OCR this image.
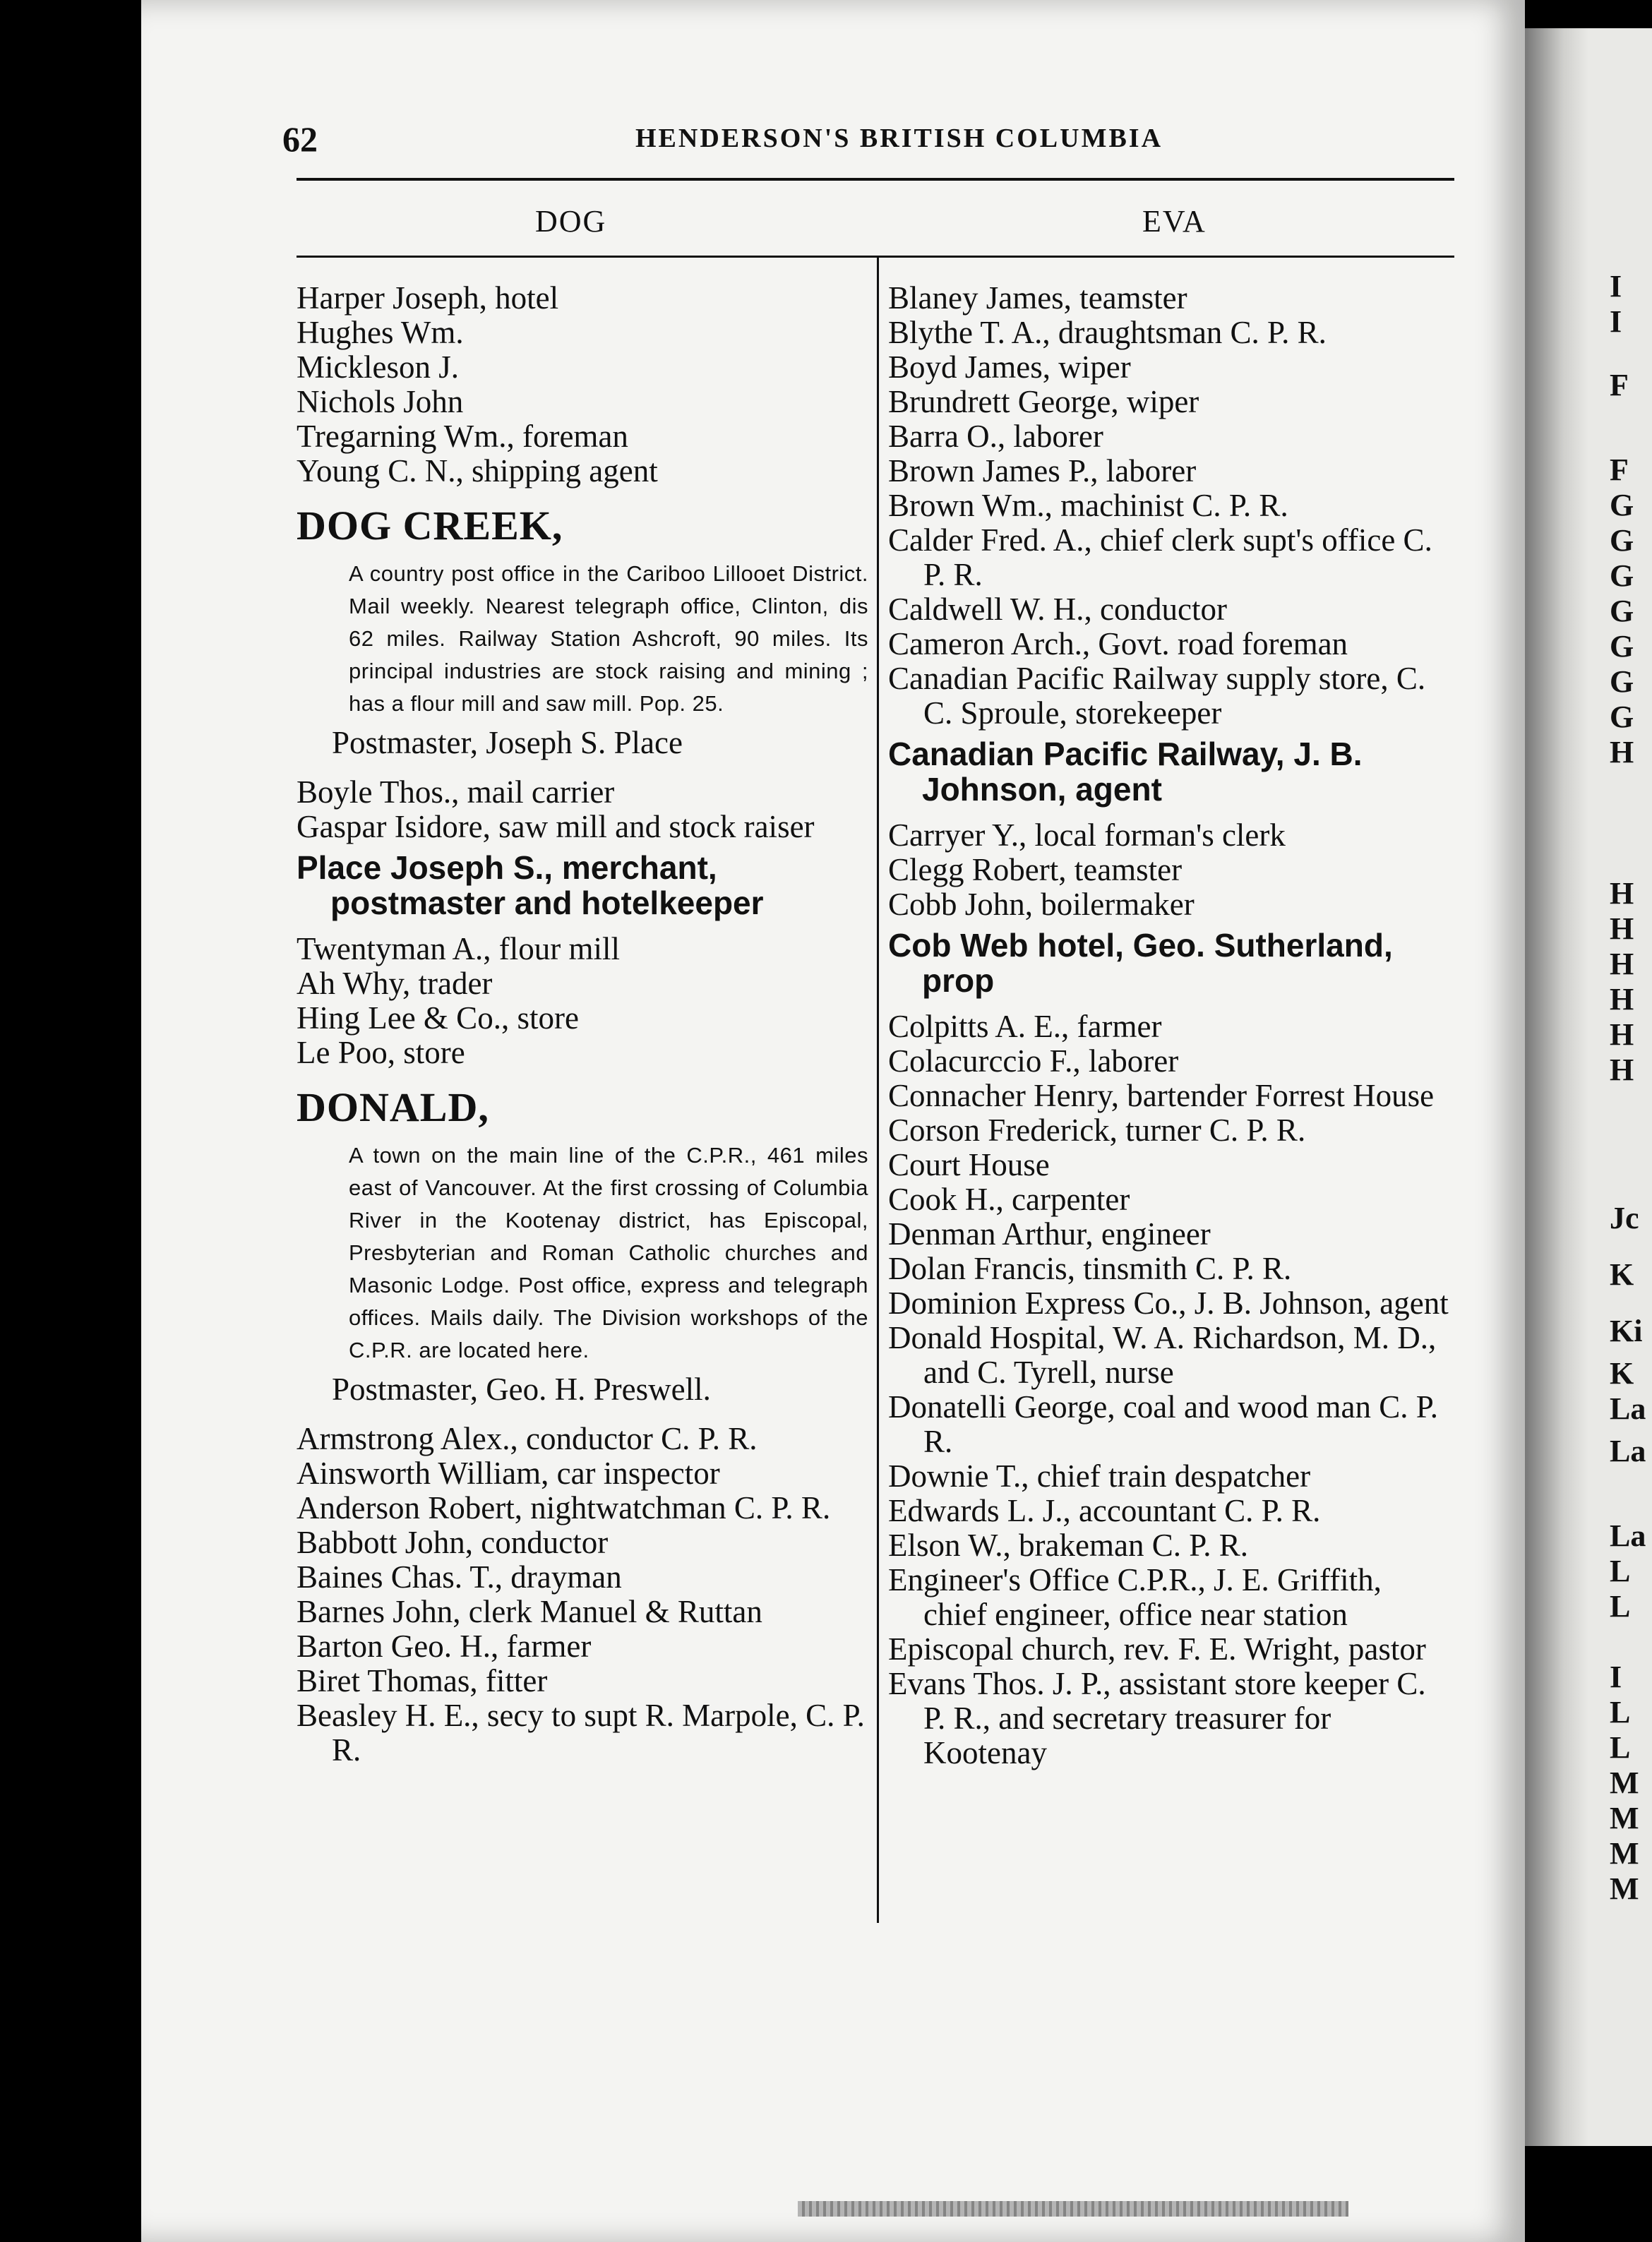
I
I
F
F
G
G
G
G
G
G
G
H
H
H
H
H
H
H
Jc
K
Ki
K
La
La
La
L
L
I
L
L
M
M
M
M
62	HENDERSON'S BRITISH COLUMBIA
DOG	EVA

Harper Joseph, hotel

Hughes Wm.

Mickleson J.

Nichols John

Tregarning Wm., foreman

Young C. N., shipping agent

DOG CREEK,

A country post office in the Cariboo Lillooet District. Mail weekly. Nearest telegraph office, Clinton, dis 62 miles. Railway Station Ashcroft, 90 miles. Its principal industries are stock raising and mining ; has a flour mill and saw mill. Pop. 25.

Postmaster, Joseph S. Place

Boyle Thos., mail carrier

Gaspar Isidore, saw mill and stock raiser

Place Joseph S., merchant, postmaster and hotelkeeper

Twentyman A., flour mill

Ah Why, trader

Hing Lee & Co., store

Le Poo, store

DONALD,

A town on the main line of the C.P.R., 461 miles east of Vancouver. At the first crossing of Columbia River in the Kootenay district, has Episcopal, Presbyterian and Roman Catholic churches and Masonic Lodge. Post office, express and telegraph offices. Mails daily. The Division workshops of the C.P.R. are located here.

Postmaster, Geo. H. Preswell.

Armstrong Alex., conductor C. P. R.

Ainsworth William, car inspector

Anderson Robert, nightwatchman C. P. R.

Babbott John, conductor

Baines Chas. T., drayman

Barnes John, clerk Manuel & Ruttan

Barton Geo. H., farmer

Biret Thomas, fitter

Beasley H. E., secy to supt R. Marpole, C. P. R.

Blaney James, teamster

Blythe T. A., draughtsman C. P. R.

Boyd James, wiper

Brundrett George, wiper

Barra O., laborer

Brown James P., laborer

Brown Wm., machinist C. P. R.

Calder Fred. A., chief clerk supt's office C. P. R.

Caldwell W. H., conductor

Cameron Arch., Govt. road foreman

Canadian Pacific Railway supply store, C. C. Sproule, storekeeper

Canadian Pacific Railway, J. B. Johnson, agent

Carryer Y., local forman's clerk

Clegg Robert, teamster

Cobb John, boilermaker

Cob Web hotel, Geo. Sutherland, prop

Colpitts A. E., farmer

Colacurccio F., laborer

Connacher Henry, bartender Forrest House

Corson Frederick, turner C. P. R.

Court House

Cook H., carpenter

Denman Arthur, engineer

Dolan Francis, tinsmith C. P. R.

Dominion Express Co., J. B. Johnson, agent

Donald Hospital, W. A. Richardson, M. D., and C. Tyrell, nurse

Donatelli George, coal and wood man C. P. R.

Downie T., chief train despatcher

Edwards L. J., accountant C. P. R.

Elson W., brakeman C. P. R.

Engineer's Office C.P.R., J. E. Griffith, chief engineer, office near station

Episcopal church, rev. F. E. Wright, pastor

Evans Thos. J. P., assistant store keeper C. P. R., and secretary treasurer for Kootenay
